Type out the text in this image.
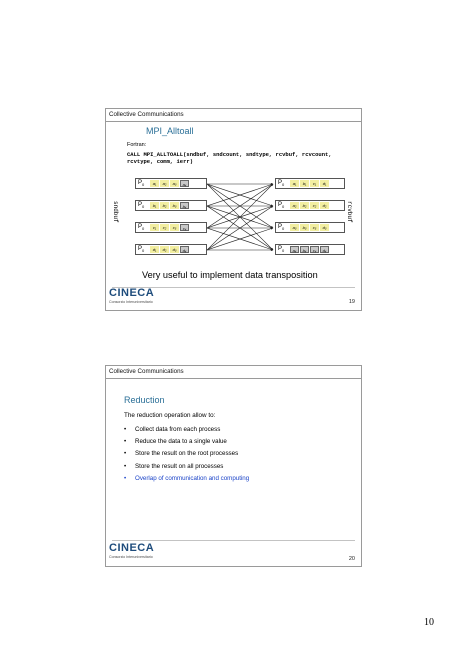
Collective Communications
MPI_Alltoall
Fortran:
CALL MPI_ALLTOALL(sndbuf, sndcount, sndtype, rcvbuf, rcvcount,
rcvtype, comm, ierr)
sndbuf	rcvbuf
$P_0$	a₁	a₂	a₃	a₄
$P_0$	b₁	b₂	b₃	b₄
$P_0$	c₁	c₂	c₃	c₄
$P_0$	d₁	d₂	d₃	d₄
$P_0$	a₁	b₁	c₁	d₁
$P_0$	a₂	b₂	c₂	d₂
$P_0$	a₃	b₃	c₃	d₃
$P_0$	a₄	b₄	c₄	d₄
Very useful to implement data transposition
CINECA
Consorzio Interuniversitario	19
Collective Communications
Reduction
The reduction operation allow to:
• Collect data from each process
• Reduce the data to a single value
• Store the result on the root processes
• Store the result on all processes
• Overlap of communication and computing
CINECA
Consorzio Interuniversitario	20
10
